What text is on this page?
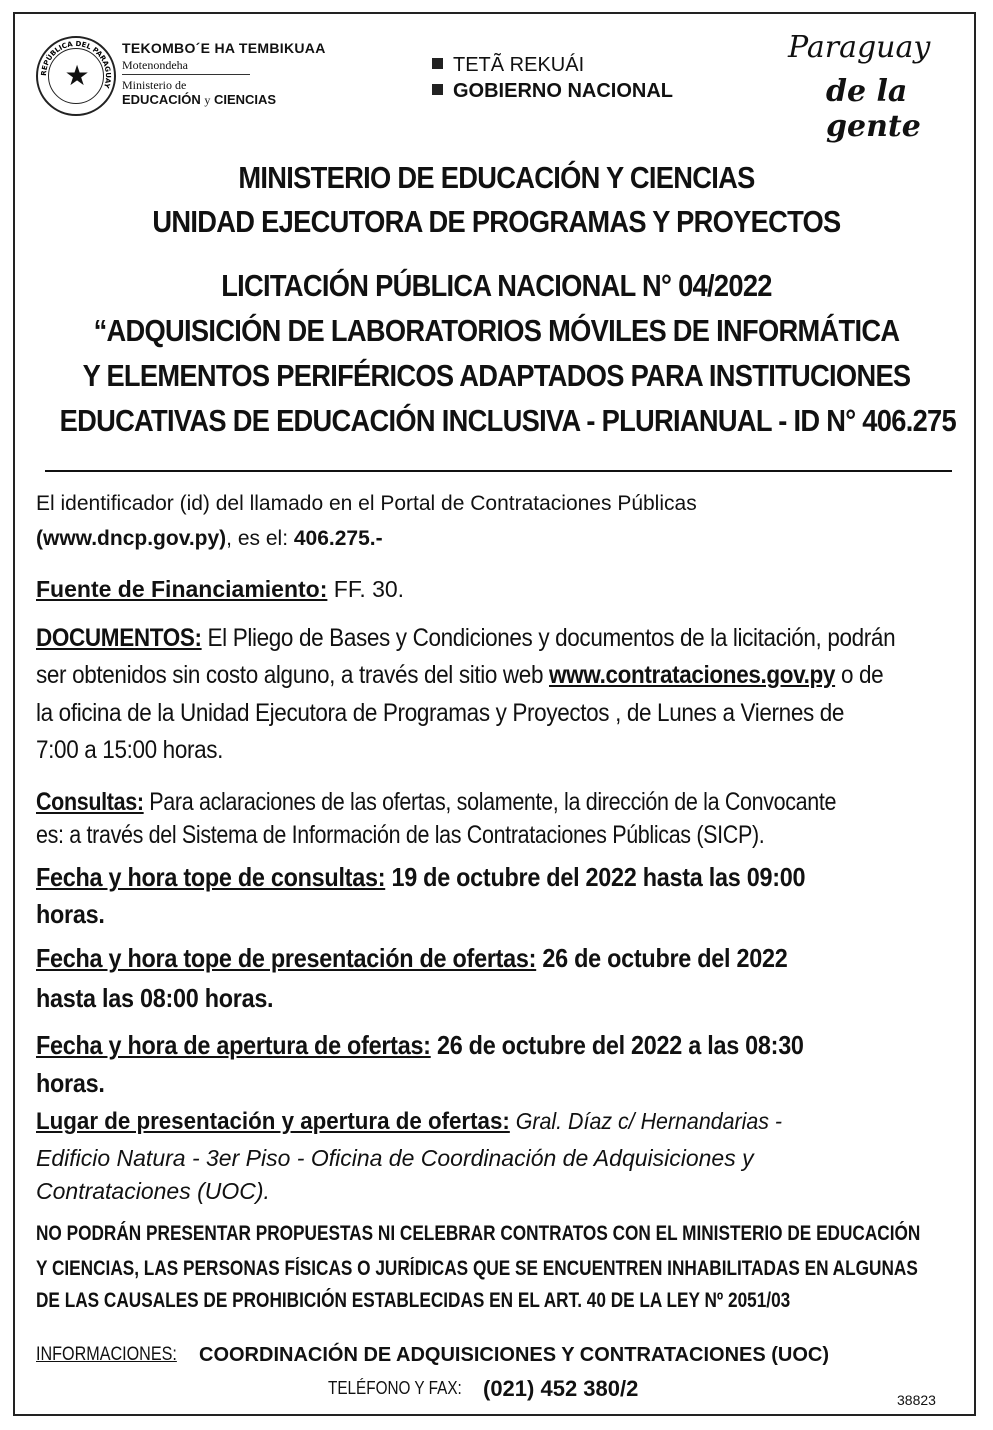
REPÚBLICA DEL PARAGUAY
★
TEKOMBO´E HA TEMBIKUAA
Motenondeha
Ministerio de
EDUCACIÓN y CIENCIAS
TETÃ REKUÁI
GOBIERNO NACIONAL
Paraguay
de la gente
MINISTERIO DE EDUCACIÓN Y CIENCIAS
UNIDAD EJECUTORA DE PROGRAMAS Y PROYECTOS
LICITACIÓN PÚBLICA NACIONAL N° 04/2022
“ADQUISICIÓN DE LABORATORIOS MÓVILES DE INFORMÁTICA
Y ELEMENTOS PERIFÉRICOS ADAPTADOS PARA INSTITUCIONES
EDUCATIVAS DE EDUCACIÓN INCLUSIVA - PLURIANUAL - ID N° 406.275
El identificador (id) del llamado en el Portal de Contrataciones Públicas
(www.dncp.gov.py), es el: 406.275.-
Fuente de Financiamiento: FF. 30.
DOCUMENTOS: El Pliego de Bases y Condiciones y documentos de la licitación, podrán
ser obtenidos sin costo alguno, a través del sitio web www.contrataciones.gov.py o de
la oficina de la Unidad Ejecutora de Programas y Proyectos , de Lunes a Viernes de
7:00 a 15:00 horas.
Consultas: Para aclaraciones de las ofertas, solamente, la dirección de la Convocante
es: a través del Sistema de Información de las Contrataciones Públicas (SICP).
Fecha y hora tope de consultas: 19 de octubre del 2022 hasta las 09:00
horas.
Fecha y hora tope de presentación de ofertas: 26 de octubre del 2022
hasta las 08:00 horas.
Fecha y hora de apertura de ofertas: 26 de octubre del 2022 a las 08:30
horas.
Lugar de presentación y apertura de ofertas: Gral. Díaz c/ Hernandarias -
Edificio Natura - 3er Piso - Oficina de Coordinación de Adquisiciones y
Contrataciones (UOC).
NO PODRÁN PRESENTAR PROPUESTAS NI CELEBRAR CONTRATOS CON EL MINISTERIO DE EDUCACIÓN
Y CIENCIAS, LAS PERSONAS FÍSICAS O JURÍDICAS QUE SE ENCUENTREN INHABILITADAS EN ALGUNAS
DE LAS CAUSALES DE PROHIBICIÓN ESTABLECIDAS EN EL ART. 40 DE LA LEY Nº 2051/03
INFORMACIONES: COORDINACIÓN DE ADQUISICIONES Y CONTRATACIONES (UOC)
TELÉFONO Y FAX: (021) 452 380/2	38823
